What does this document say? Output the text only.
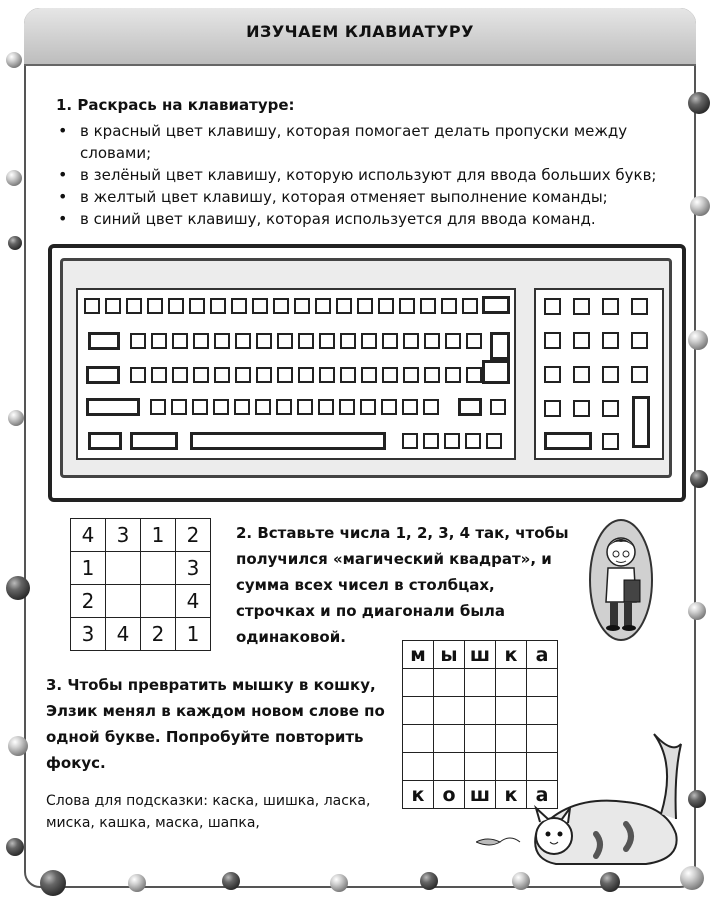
ИЗУЧАЕМ КЛАВИАТУРУ
1. Раскрась на клавиатуре:
• в красный цвет клавишу, которая помогает делать пропуски между словами;
• в зелёный цвет клавишу, которую используют для ввода больших букв;
• в желтый цвет клавишу, которая отменяет выполнение команды;
• в синий цвет клавишу, которая используется для ввода команд.
4	3	1	2
1			3
2			4
3	4	2	1
2. Вставьте числа 1, 2, 3, 4 так, чтобы получился «магический квадрат», и сумма всех чисел в столбцах, строчках и по диагонали была одинаковой.
м	ы	ш	к	а

к	о	ш	к	а
3. Чтобы превратить мышку в кошку, Элзик менял в каждом новом слове по одной букве. Попробуйте повторить фокус.
Слова для подсказки: каска, шишка, ласка, миска, кашка, маска, шапка,
